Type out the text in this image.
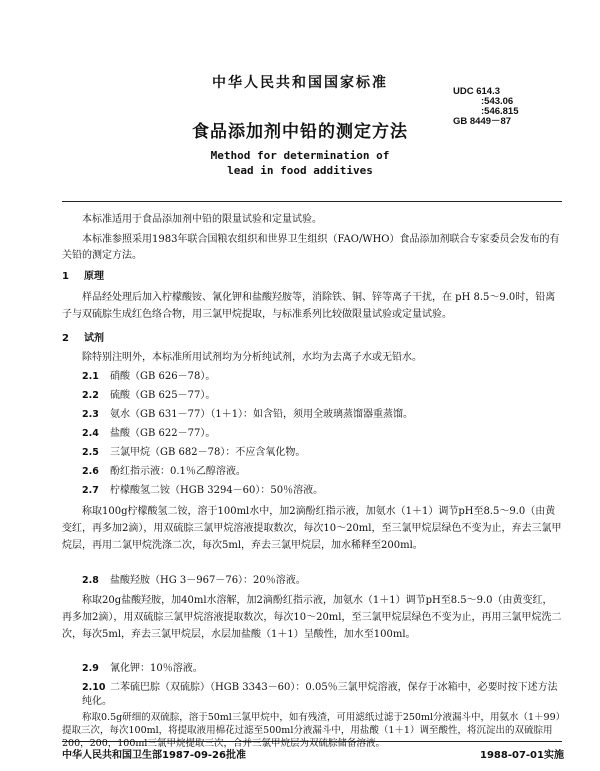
中华人民共和国国家标准
UDC 614.3
:543.06
:546.815
GB 8449－87
食品添加剂中铅的测定方法
Method for determination of
lead in food additives
本标准适用于食品添加剂中铅的限量试验和定量试验。
本标准参照采用1983年联合国粮农组织和世界卫生组织（FAO/WHO）食品添加剂联合专家委员会发布的有关铅的测定方法。
1 原理
样品经处理后加入柠檬酸铵、氰化钾和盐酸羟胺等，消除铁、铜、锌等离子干扰，在 pH 8.5～9.0时，铅离子与双硫腙生成红色络合物，用三氯甲烷提取，与标准系列比较做限量试验或定量试验。
2 试剂
除特别注明外，本标准所用试剂均为分析纯试剂，水均为去离子水或无铅水。
2.1 硝酸（GB 626－78）。
2.2 硫酸（GB 625－77）。
2.3 氨水（GB 631－77）（1＋1）：如含铅，须用全玻璃蒸馏器重蒸馏。
2.4 盐酸（GB 622－77）。
2.5 三氯甲烷（GB 682－78）：不应含氧化物。
2.6 酚红指示液：0.1％乙醇溶液。
2.7 柠檬酸氢二铵（HGB 3294－60）：50％溶液。
称取100g柠檬酸氢二铵，溶于100ml水中，加2滴酚红指示液，加氨水（1＋1）调节pH至8.5～9.0（由黄变红，再多加2滴），用双硫腙三氯甲烷溶液提取数次，每次10～20ml，至三氯甲烷层绿色不变为止，弃去三氯甲烷层，再用二氯甲烷洗涤二次，每次5ml，弃去三氯甲烷层，加水稀释至200ml。
2.8 盐酸羟胺（HG 3－967－76）：20％溶液。
称取20g盐酸羟胺，加40ml水溶解，加2滴酚红指示液，加氨水（1＋1）调节pH至8.5～9.0（由黄变红，再多加2滴），用双硫腙三氯甲烷溶液提取数次，每次10～20ml，至三氯甲烷层绿色不变为止，再用三氯甲烷洗二次，每次5ml，弃去三氯甲烷层，水层加盐酸（1＋1）呈酸性，加水至100ml。
2.9 氰化钾：10％溶液。
2.10 二苯硫巴腙（双硫腙）（HGB 3343－60）：0.05％三氯甲烷溶液，保存于冰箱中，必要时按下述方法纯化。
称取0.5g研细的双硫腙，溶于50ml三氯甲烷中，如有残渣，可用滤纸过滤于250ml分液漏斗中，用氨水（1＋99）提取三次，每次100ml，将提取液用棉花过滤至500ml分液漏斗中，用盐酸（1＋1）调至酸性，将沉淀出的双硫腙用200，200，100ml三氯甲烷提取三次，合并三氯甲烷层为双硫腙储备溶液。
中华人民共和国卫生部1987-09-26批准	1988-07-01实施
